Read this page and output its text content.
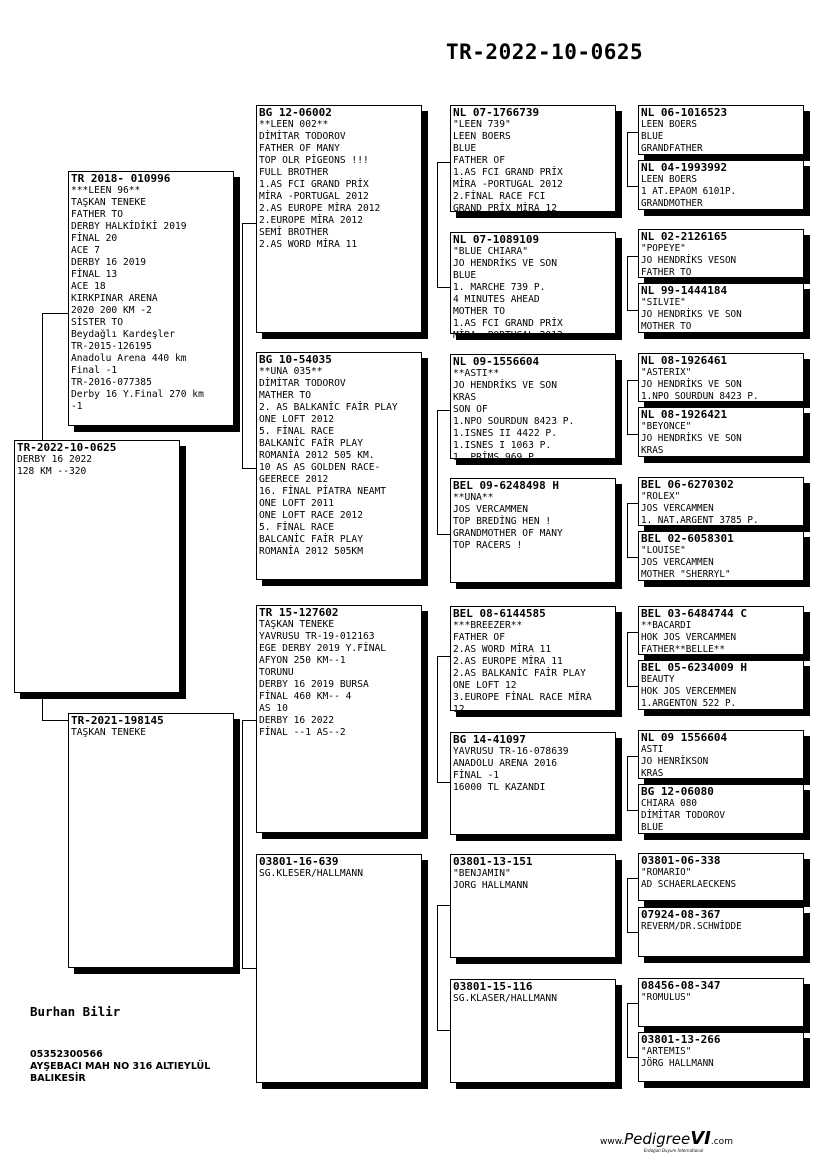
TR-2022-10-0625
TR-2022-10-0625
DERBY 16 2022
128 KM --320
TR 2018- 010996
***LEEN 96**
TAŞKAN TENEKE
FATHER TO
DERBY HALKİDİKİ 2019
FİNAL 20
ACE 7
DERBY 16 2019
FİNAL 13
ACE 18
KIRKPINAR ARENA
2020 200 KM -2
SİSTER TO
Beydağlı Kardeşler
TR-2015-126195
Anadolu Arena 440 km
Final -1
TR-2016-077385
Derby 16 Y.Final 270 km
-1
TR-2021-198145
TAŞKAN TENEKE
BG 12-06002
**LEEN 002**
DİMİTAR TODOROV
FATHER OF MANY
TOP OLR PİGEONS !!!
FULL BROTHER
1.AS FCI GRAND PRİX
MİRA -PORTUGAL 2012
2.AS EUROPE MİRA 2012
2.EUROPE MİRA 2012
SEMİ BROTHER
2.AS WORD MİRA 11
BG 10-54035
**UNA 035**
DİMİTAR TODOROV
MATHER TO
2. AS BALKANİC FAİR PLAY
ONE LOFT 2012
5. FİNAL RACE
BALKANİC FAİR PLAY
ROMANİA 2012 505 KM.
10 AS AS GOLDEN RACE-
GEERECE 2012
16. FİNAL PİATRA NEAMT
ONE LOFT 2011
ONE LOFT RACE 2012
5. FİNAL RACE
BALCANİC FAİR PLAY
ROMANİA 2012 505KM
TR 15-127602
TAŞKAN TENEKE
YAVRUSU TR-19-012163
EGE DERBY 2019 Y.FİNAL
AFYON 250 KM--1
TORUNU
DERBY 16 2019 BURSA
FİNAL 460 KM-- 4
AS 10
DERBY 16 2022
FİNAL --1 AS--2
03801-16-639
SG.KLESER/HALLMANN
NL 07-1766739
"LEEN 739"
LEEN BOERS
BLUE
FATHER OF
1.AS FCI GRAND PRİX
MİRA -PORTUGAL 2012
2.FİNAL RACE FCI
GRAND PRİX MİRA 12
NL 07-1089109
"BLUE CHIARA"
JO HENDRİKS VE SON
BLUE
1. MARCHE 739 P.
4 MINUTES AHEAD
MOTHER TO
1.AS FCI GRAND PRİX
MİRA -PORTUGAL 2012
NL 09-1556604
**ASTI**
JO HENDRİKS VE SON
KRAS
SON OF
1.NPO SOURDUN 8423 P.
1.ISNES II 4422 P.
1.ISNES I 1063 P.
1. PRİMS 969 P.
BEL 09-6248498 H
**UNA**
JOS VERCAMMEN
TOP BREDİNG HEN !
GRANDMOTHER OF MANY
TOP RACERS !
BEL 08-6144585
***BREEZER**
FATHER OF
2.AS WORD MİRA 11
2.AS EUROPE MİRA 11
2.AS BALKANİC FAİR PLAY
ONE LOFT 12
3.EUROPE FİNAL RACE MİRA
12
BG 14-41097
YAVRUSU TR-16-078639
ANADOLU ARENA 2016
FİNAL -1
16000 TL KAZANDI
03801-13-151
"BENJAMIN"
JORG HALLMANN
03801-15-116
SG.KLASER/HALLMANN
NL 06-1016523
LEEN BOERS
BLUE
GRANDFATHER
NL 04-1993992
LEEN BOERS
1 AT.EPAOM 6101P.
GRANDMOTHER
NL 02-2126165
"POPEYE"
JO HENDRİKS VESON
FATHER TO
NL 99-1444184
"SILVIE"
JO HENDRİKS VE SON
MOTHER TO
NL 08-1926461
"ASTERIX"
JO HENDRİKS VE SON
1.NPO SOURDUN 8423 P.
NL 08-1926421
"BEYONCE"
JO HENDRİKS VE SON
KRAS
BEL 06-6270302
"ROLEX"
JOS VERCAMMEN
1. NAT.ARGENT 3785 P.
BEL 02-6058301
"LOUISE"
JOS VERCAMMEN
MOTHER "SHERRYL"
BEL 03-6484744 C
**BACARDI
HOK JOS VERCAMMEN
FATHER**BELLE**
BEL 05-6234009 H
BEAUTY
HOK JOS VERCEMMEN
1.ARGENTON 522 P.
NL 09 1556604
ASTI
JO HENRİKSON
KRAS
BG 12-06080
CHIARA 080
DİMİTAR TODOROV
BLUE
03801-06-338
"ROMARIO"
AD SCHAERLAECKENS
07924-08-367
REVERM/DR.SCHWİDDE
08456-08-347
"ROMULUS"
03801-13-266
"ARTEMIS"
JÖRG HALLMANN
Burhan Bilir
05352300566
AYŞEBACI MAH NO 316 ALTIEYLÜL
BALIKESİR
www.PedigreeVI.com
Erdoğan Duyum İnternational
